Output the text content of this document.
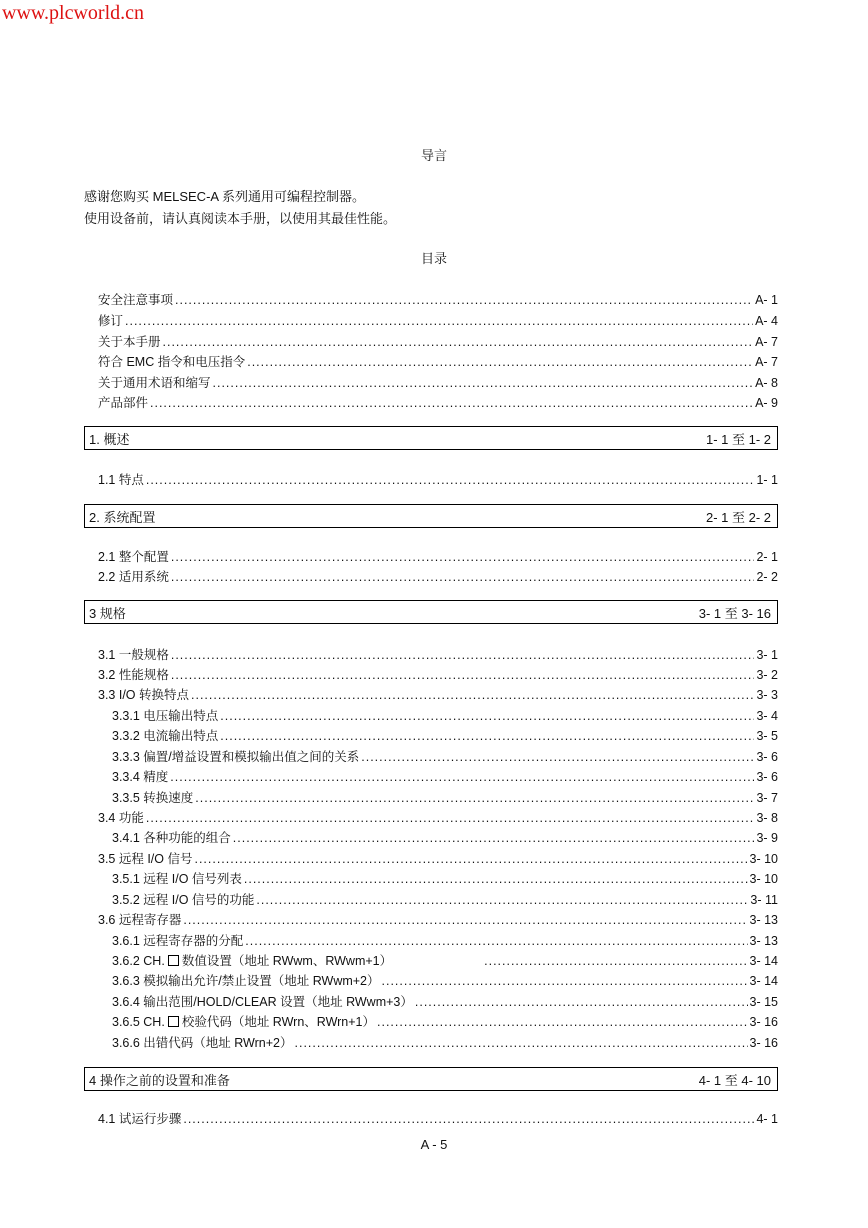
www.plcworld.cn
导言
感谢您购买 MELSEC-A 系列通用可编程控制器。
使用设备前，请认真阅读本手册，以使用其最佳性能。
目录
安全注意事项 .....	A- 1
修订 .....	A- 4
关于本手册 .....	A- 7
符合 EMC 指令和电压指令 .....	A- 7
关于通用术语和缩写 .....	A- 8
产品部件 .....	A- 9
1. 概述	1- 1 至 1- 2
1.1 特点 .....	1- 1
2. 系统配置	2- 1 至 2- 2
2.1 整个配置 .....	2- 1
2.2 适用系统 .....	2- 2
3 规格	3- 1 至 3- 16
3.1 一般规格 .....	3- 1
3.2 性能规格 .....	3- 2
3.3 I/O 转换特点 .....	3- 3
3.3.1 电压输出特点 .....	3- 4
3.3.2 电流输出特点 .....	3- 5
3.3.3 偏置/增益设置和模拟输出值之间的关系 .....	3- 6
3.3.4 精度 .....	3- 6
3.3.5 转换速度 .....	3- 7
3.4 功能 .....	3- 8
3.4.1 各种功能的组合 .....	3- 9
3.5 远程 I/O 信号 .....	3- 10
3.5.1 远程 I/O 信号列表 .....	3- 10
3.5.2 远程 I/O 信号的功能 .....	3- 11
3.6 远程寄存器 .....	3- 13
3.6.1 远程寄存器的分配 .....	3- 13
3.6.2 CH. 数值设置（地址 RWwm、RWwm+1） .....	3- 14
3.6.3 模拟输出允许/禁止设置（地址 RWwm+2） .....	3- 14
3.6.4 输出范围/HOLD/CLEAR 设置（地址 RWwm+3） .....	3- 15
3.6.5 CH. 校验代码（地址 RWrn、RWrn+1） .....	3- 16
3.6.6 出错代码（地址 RWrn+2） .....	3- 16
4 操作之前的设置和准备	4- 1 至 4- 10
4.1 试运行步骤 .....	4- 1
A - 5
